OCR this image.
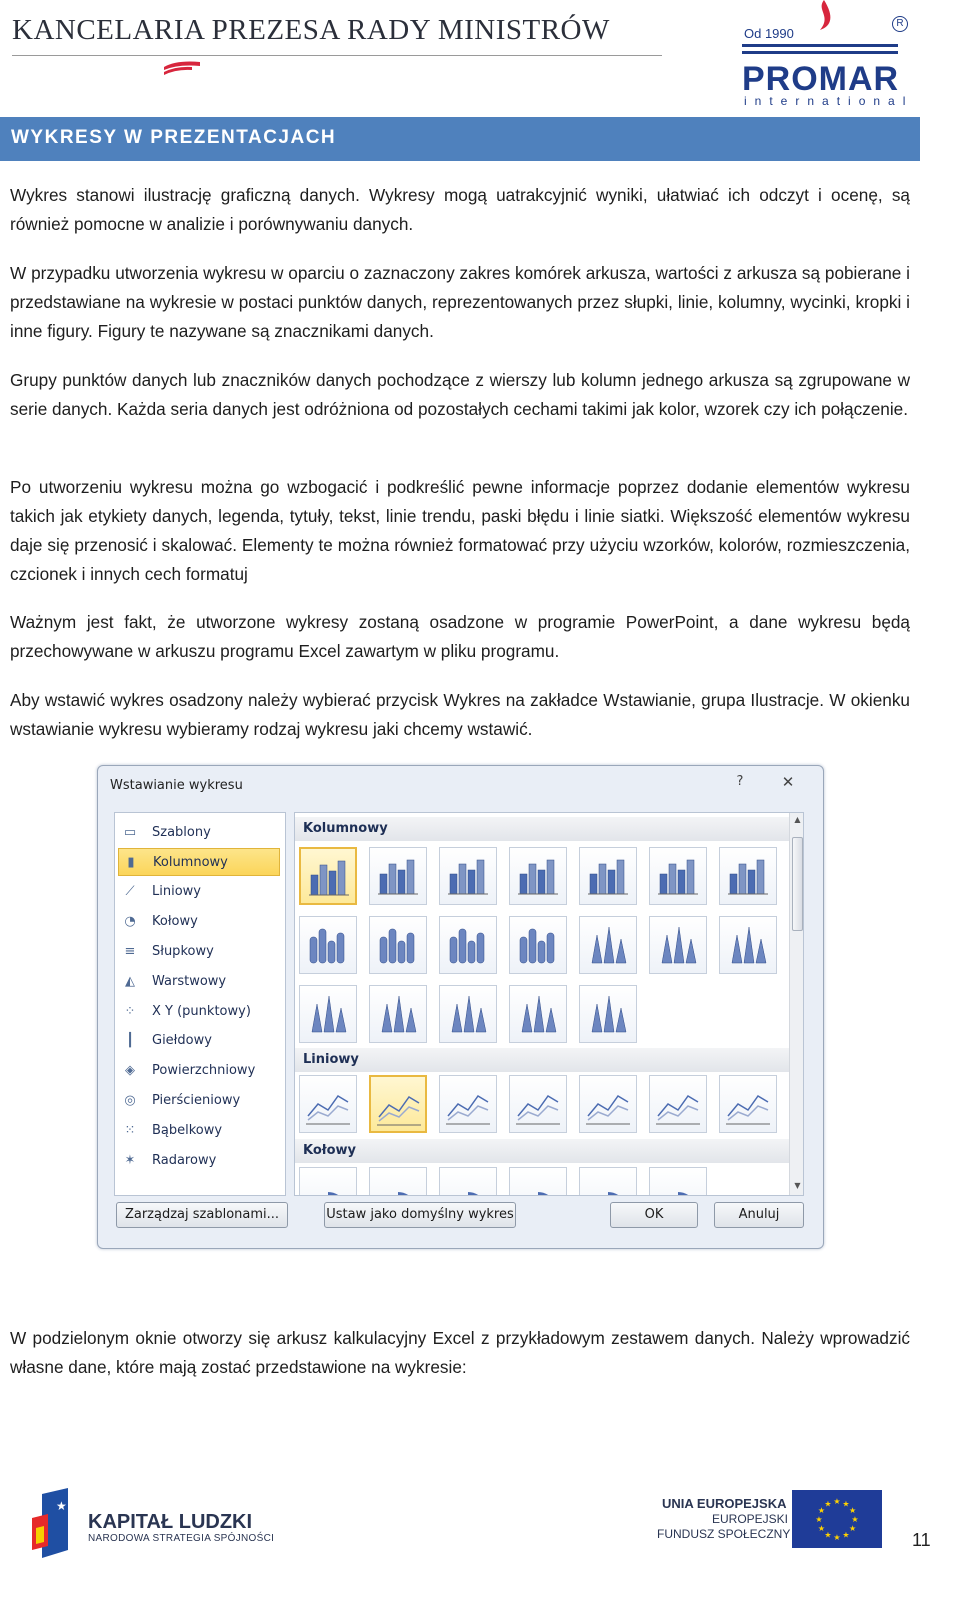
KANCELARIA PREZESA RADY MINISTRÓW	Od 1990
R
PROMAR
international
WYKRESY W PREZENTACJACH

Wykres stanowi ilustrację graficzną danych. Wykresy mogą uatrakcyjnić wyniki, ułatwiać ich odczyt i ocenę, są również pomocne w analizie i porównywaniu danych.

W przypadku utworzenia wykresu w oparciu o zaznaczony zakres komórek arkusza, wartości z arkusza są pobierane i przedstawiane na wykresie w postaci punktów danych, reprezentowanych przez słupki, linie, kolumny, wycinki, kropki i inne figury. Figury te nazywane są znacznikami danych.

Grupy punktów danych lub znaczników danych pochodzące z wierszy lub kolumn jednego arkusza są zgrupowane w serie danych. Każda seria danych jest odróżniona od pozostałych cechami takimi jak kolor, wzorek czy ich połączenie.

Po utworzeniu wykresu można go wzbogacić i podkreślić pewne informacje poprzez dodanie elementów wykresu takich jak etykiety danych, legenda, tytuły, tekst, linie trendu, paski błędu i linie siatki. Większość elementów wykresu daje się przenosić i skalować. Elementy te można również formatować przy użyciu wzorków, kolorów, rozmieszczenia, czcionek i innych cech formatuj

Ważnym jest fakt, że utworzone wykresy zostaną osadzone w programie PowerPoint, a dane wykresu będą przechowywane w arkuszu programu Excel zawartym w pliku programu.

Aby wstawić wykres osadzony należy wybierać przycisk Wykres na zakładce Wstawianie, grupa Ilustracje. W okienku wstawianie wykresu wybieramy rodzaj wykresu jaki chcemy wstawić.

Wstawianie wykresu	?	✕
▭ Szablony
▮	Kolumnowy
⟋ Liniowy
◔ Kołowy
≡ Słupkowy
◭ Warstwowy
⁘ X Y (punktowy)
┃	Giełdowy
◈ Powierzchniowy
◎ Pierścieniowy
⁙ Bąbelkowy
✶ Radarowy
Kolumnowy
Liniowy
Kołowy
▲
▼
Zarządzaj szablonami...	Ustaw jako domyślny wykres	OK	Anuluj

W podzielonym oknie otworzy się arkusz kalkulacyjny Excel z przykładowym zestawem danych. Należy wprowadzić własne dane, które mają zostać przedstawione na wykresie:

★
KAPITAŁ LUDZKI
NARODOWA STRATEGIA SPÓJNOŚCI
UNIA EUROPEJSKA
EUROPEJSKI
FUNDUSZ SPOŁECZNY
★
★
★
★
★
★
★
★
★ ★ ★
★
11
